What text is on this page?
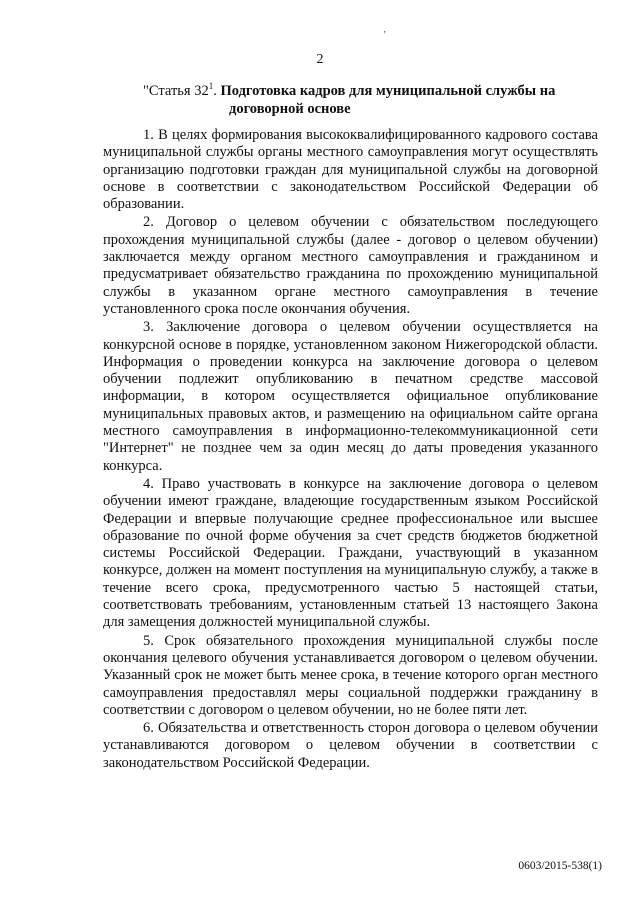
ʼ
2
"Статья $32^1$. Подготовка кадров для муниципальной службы на
договорной основе

1. В целях формирования высококвалифицированного кадрового состава муниципальной службы органы местного самоуправления могут осуществлять организацию подготовки граждан для муниципальной службы на договорной основе в соответствии с законодательством Российской Федерации об образовании.

2. Договор о целевом обучении с обязательством последующего прохождения муниципальной службы (далее - договор о целевом обучении) заключается между органом местного самоуправления и гражданином и предусматривает обязательство гражданина по прохождению муниципальной службы в указанном органе местного самоуправления в течение установленного срока после окончания обучения.

3. Заключение договора о целевом обучении осуществляется на конкурсной основе в порядке, установленном законом Нижегородской области. Информация о проведении конкурса на заключение договора о целевом обучении подлежит опубликованию в печатном средстве массовой информации, в котором осуществляется официальное опубликование муниципальных правовых актов, и размещению на официальном сайте органа местного самоуправления в информационно-телекоммуникационной сети "Интернет" не позднее чем за один месяц до даты проведения указанного конкурса.

4. Право участвовать в конкурсе на заключение договора о целевом обучении имеют граждане, владеющие государственным языком Российской Федерации и впервые получающие среднее профессиональное или высшее образование по очной форме обучения за счет средств бюджетов бюджетной системы Российской Федерации. Граждани, участвующий в указанном конкурсе, должен на момент поступления на муниципальную службу, а также в течение всего срока, предусмотренного частью 5 настоящей статьи, соответствовать требованиям, установленным статьей 13 настоящего Закона для замещения должностей муниципальной службы.

5. Срок обязательного прохождения муниципальной службы после окончания целевого обучения устанавливается договором о целевом обучении. Указанный срок не может быть менее срока, в течение которого орган местного самоуправления предоставлял меры социальной поддержки гражданину в соответствии с договором о целевом обучении, но не более пяти лет.

6. Обязательства и ответственность сторон договора о целевом обучении устанавливаются договором о целевом обучении в соответствии с законодательством Российской Федерации.

0603/2015-538(1)
